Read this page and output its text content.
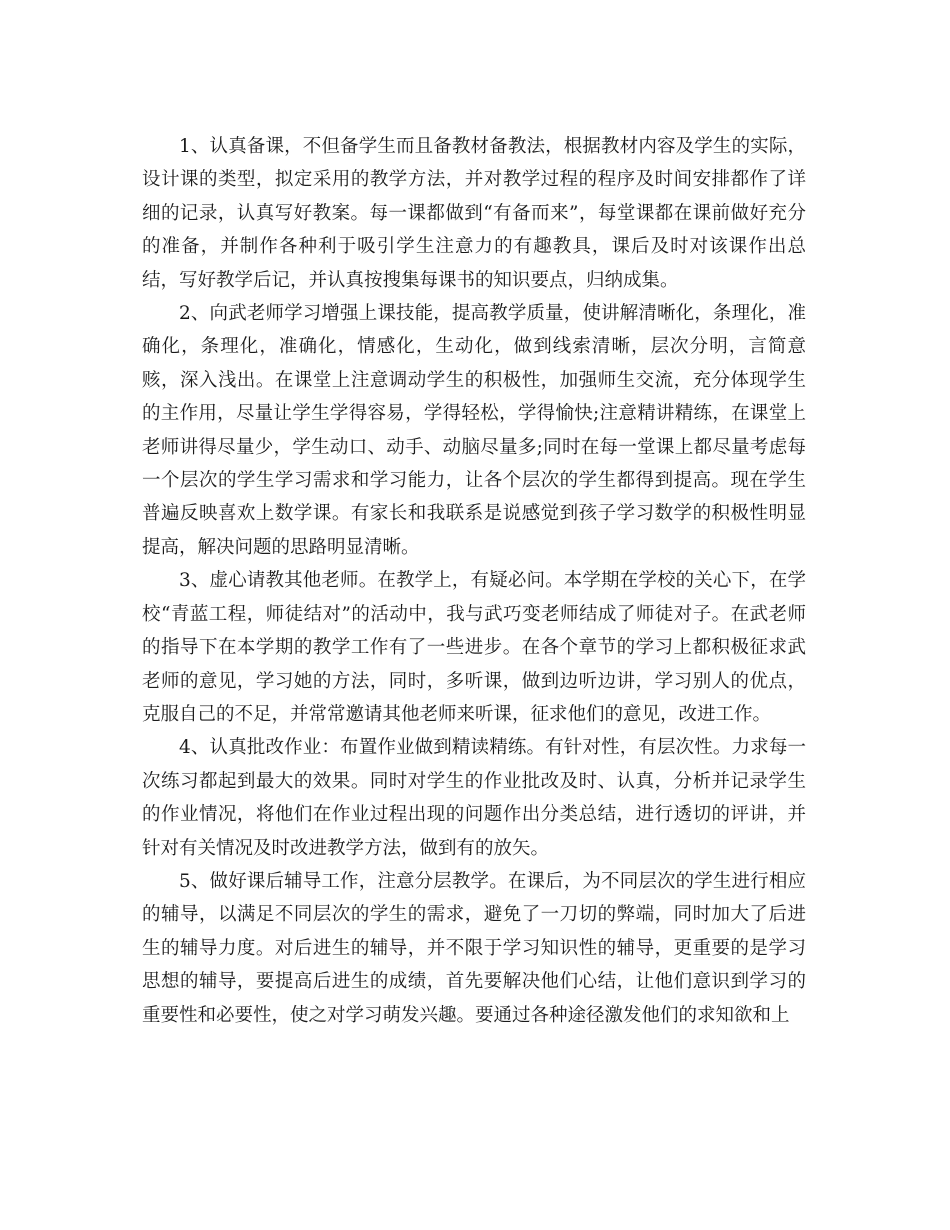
1、认真备课，不但备学生而且备教材备教法，根据教材内容及学生的实际，设计课的类型，拟定采用的教学方法，并对教学过程的程序及时间安排都作了详细的记录，认真写好教案。每一课都做到“有备而来”，每堂课都在课前做好充分的准备，并制作各种利于吸引学生注意力的有趣教具，课后及时对该课作出总结，写好教学后记，并认真按搜集每课书的知识要点，归纳成集。

2、向武老师学习增强上课技能，提高教学质量，使讲解清晰化，条理化，准确化，条理化，准确化，情感化，生动化，做到线索清晰，层次分明，言简意赅，深入浅出。在课堂上注意调动学生的积极性，加强师生交流，充分体现学生的主作用，尽量让学生学得容易，学得轻松，学得愉快;注意精讲精练，在课堂上老师讲得尽量少，学生动口、动手、动脑尽量多;同时在每一堂课上都尽量考虑每一个层次的学生学习需求和学习能力，让各个层次的学生都得到提高。现在学生普遍反映喜欢上数学课。有家长和我联系是说感觉到孩子学习数学的积极性明显提高，解决问题的思路明显清晰。

3、虚心请教其他老师。在教学上，有疑必问。本学期在学校的关心下，在学校“青蓝工程，师徒结对”的活动中，我与武巧变老师结成了师徒对子。在武老师的指导下在本学期的教学工作有了一些进步。在各个章节的学习上都积极征求武老师的意见，学习她的方法，同时，多听课，做到边听边讲，学习别人的优点，克服自己的不足，并常常邀请其他老师来听课，征求他们的意见，改进工作。

4、认真批改作业：布置作业做到精读精练。有针对性，有层次性。力求每一次练习都起到最大的效果。同时对学生的作业批改及时、认真，分析并记录学生的作业情况，将他们在作业过程出现的问题作出分类总结，进行透切的评讲，并针对有关情况及时改进教学方法，做到有的放矢。

5、做好课后辅导工作，注意分层教学。在课后，为不同层次的学生进行相应的辅导，以满足不同层次的学生的需求，避免了一刀切的弊端，同时加大了后进生的辅导力度。对后进生的辅导，并不限于学习知识性的辅导，更重要的是学习思想的辅导，要提高后进生的成绩，首先要解决他们心结，让他们意识到学习的重要性和必要性，使之对学习萌发兴趣。要通过各种途径激发他们的求知欲和上
